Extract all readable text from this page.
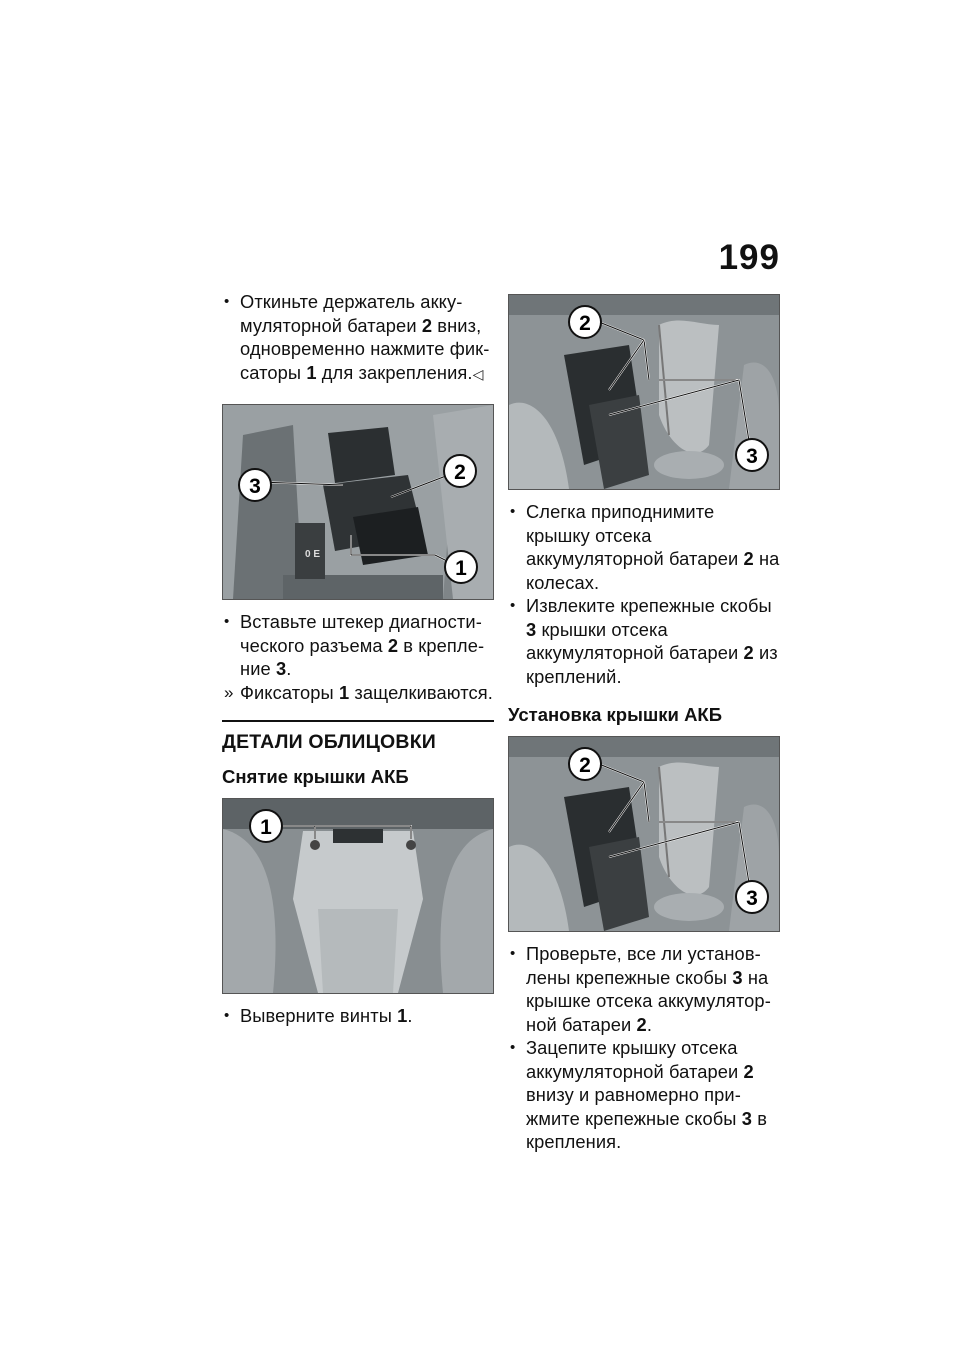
199
• Откиньте держатель аккумуляторной батареи 2 вниз, одновременно нажмите фиксаторы 1 для закрепления.◁

0 E
3
2
1
• Вставьте штекер диагностического разъема 2 в крепление 3.

» Фиксаторы 1 защелкиваются.

ДЕТАЛИ ОБЛИЦОВКИ
Снятие крышки АКБ
1
• Выверните винты 1.

2
3
• Слегка приподнимите крышку отсека аккумуляторной батареи 2 на колесах.

• Извлеките крепежные скобы 3 крышки отсека аккумуляторной батареи 2 из креплений.

Установка крышки АКБ
2
3
• Проверьте, все ли установлены крепежные скобы 3 на крышке отсека аккумуляторной батареи 2.

• Зацепите крышку отсека аккумуляторной батареи 2 внизу и равномерно прижмите крепежные скобы 3 в крепления.
